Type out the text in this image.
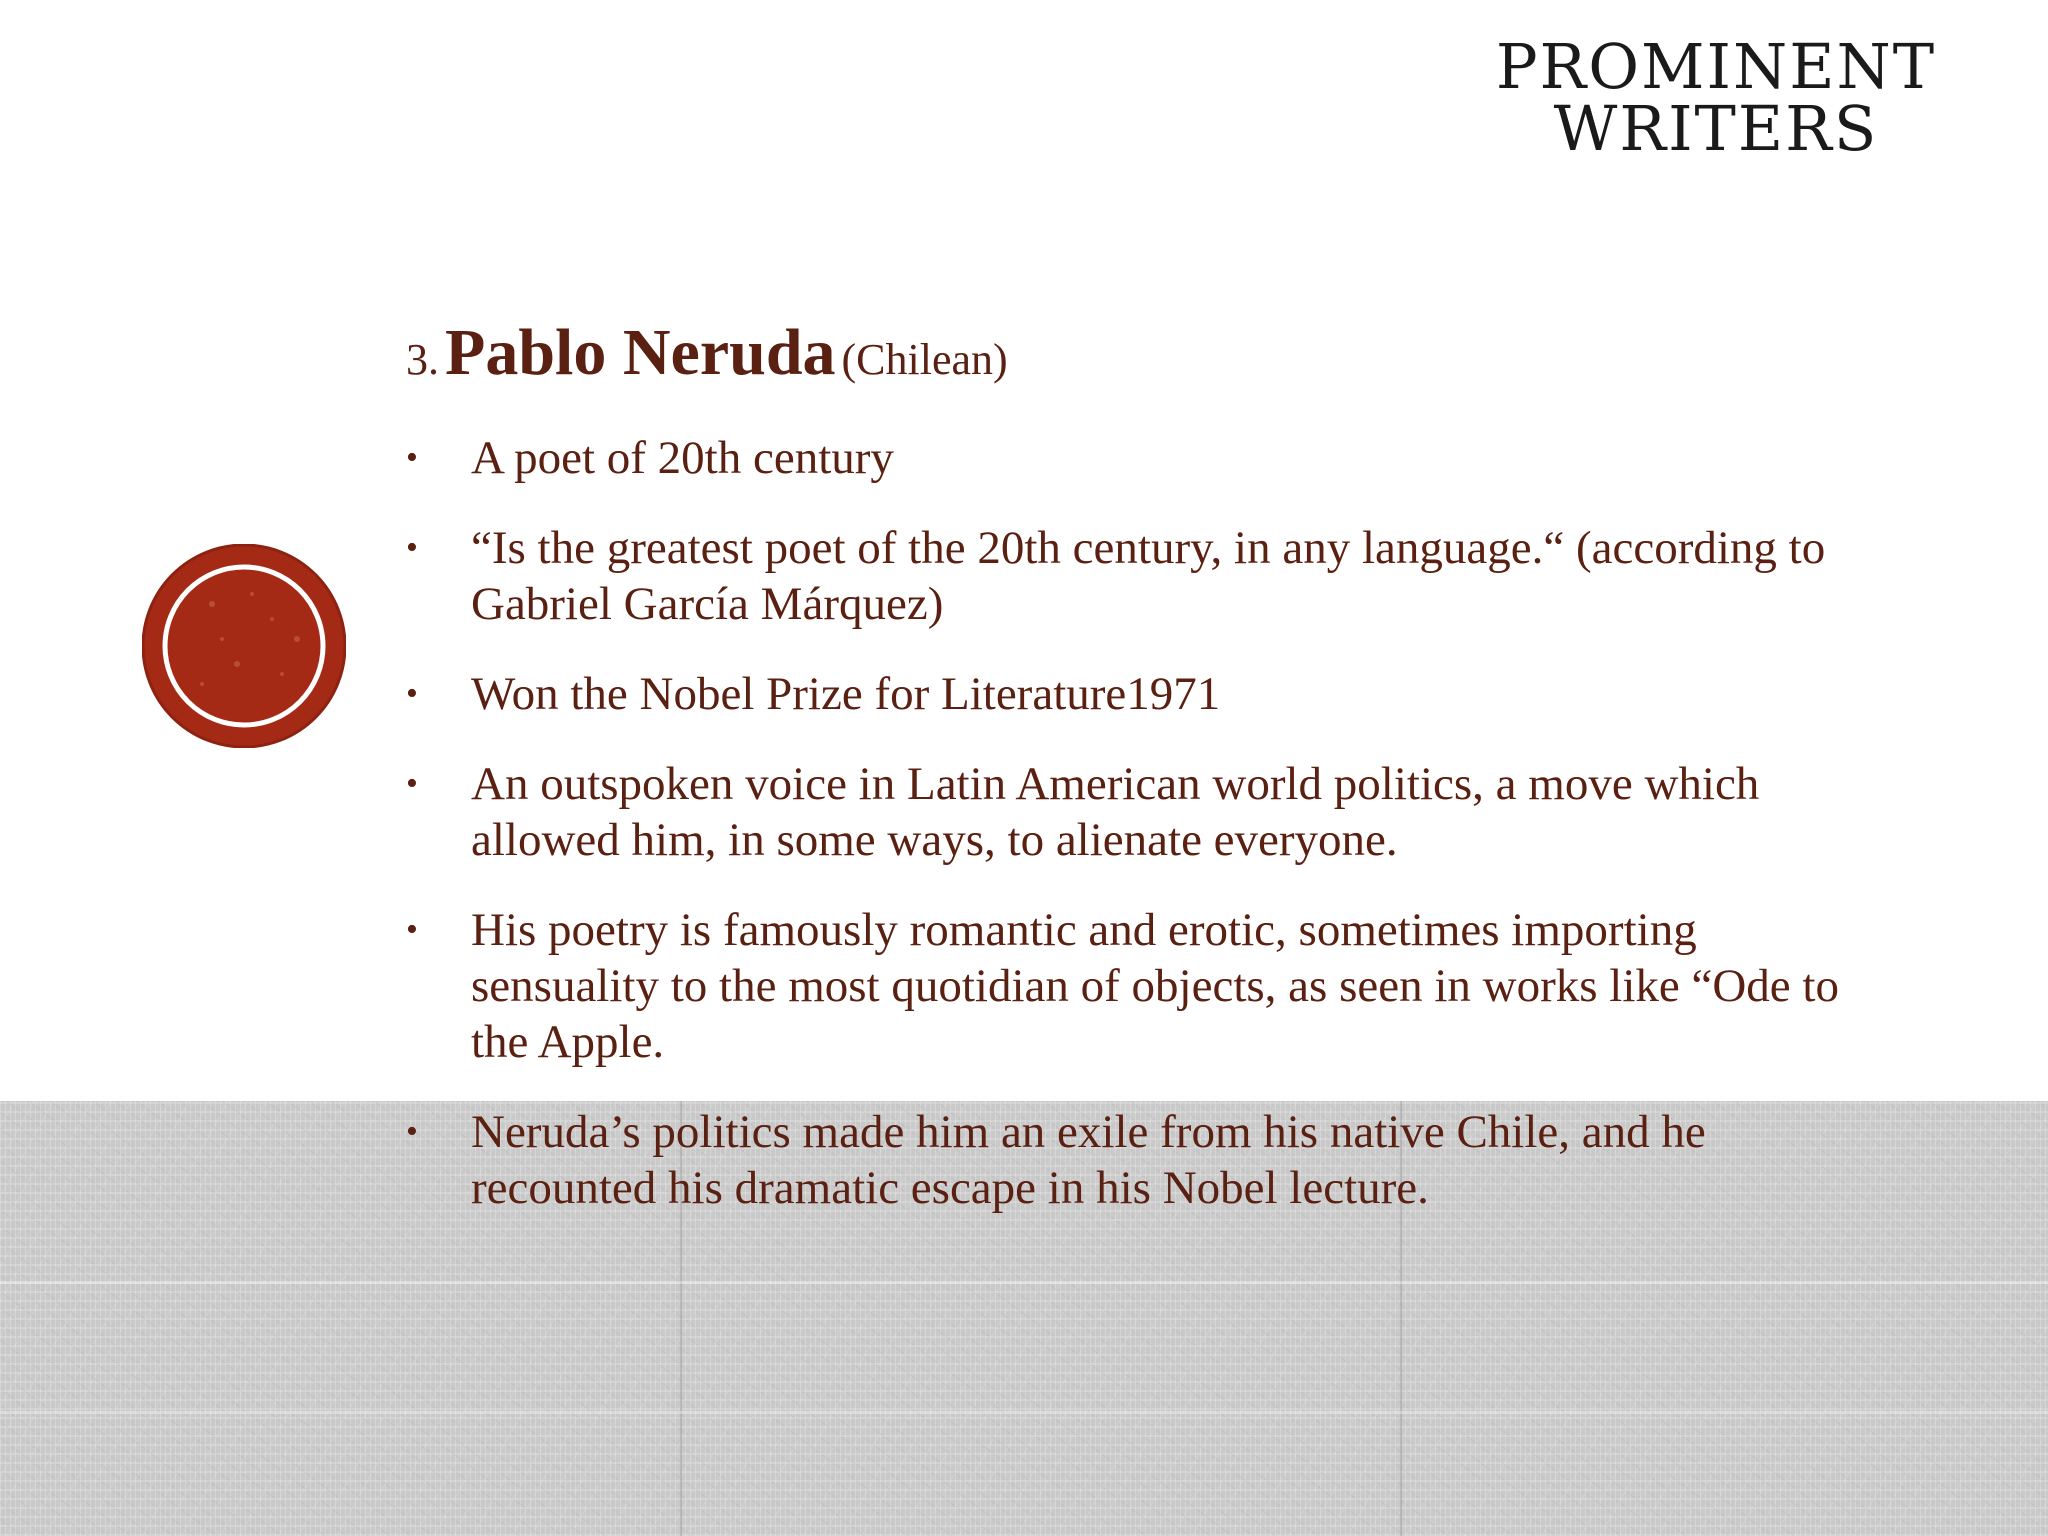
PROMINENT
WRITERS
3. Pablo Neruda (Chilean)
• A poet of 20th century
• “Is the greatest poet of the 20th century, in any language.“ (according to Gabriel García Márquez)
• Won the Nobel Prize for Literature1971
• An outspoken voice in Latin American world politics, a move which allowed him, in some ways, to alienate everyone.
• His poetry is famously romantic and erotic, sometimes importing sensuality to the most quotidian of objects, as seen in works like “Ode to the Apple.
• Neruda’s politics made him an exile from his native Chile, and he recounted his dramatic escape in his Nobel lecture.
